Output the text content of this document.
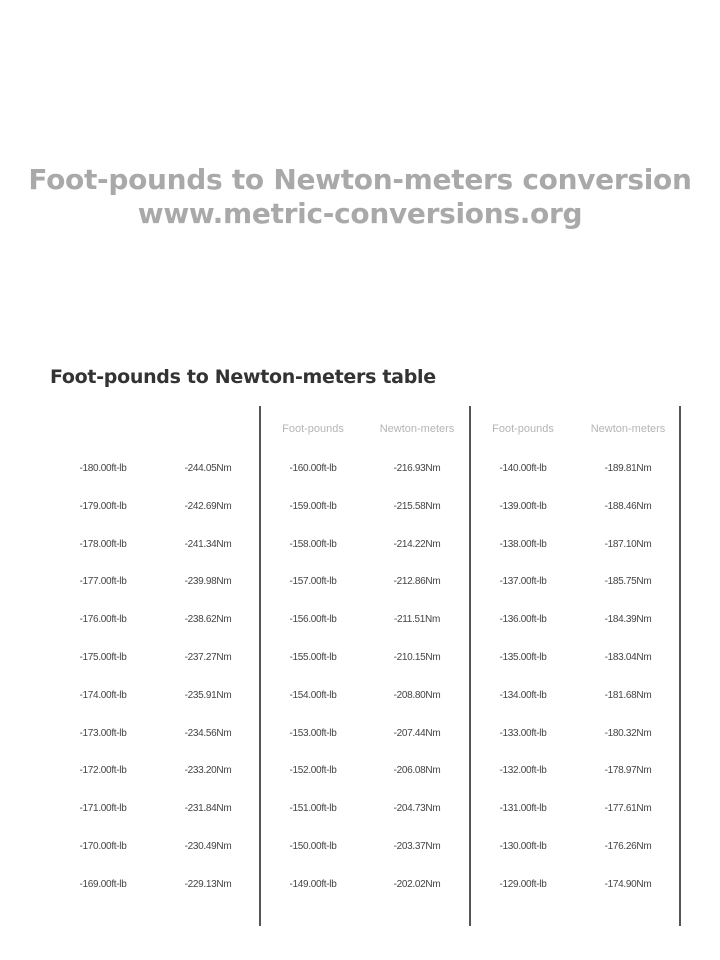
Foot-pounds to Newton-meters conversion
www.metric-conversions.org
Foot-pounds to Newton-meters table
-180.00ft-lb	-244.05Nm
-179.00ft-lb	-242.69Nm
-178.00ft-lb	-241.34Nm
-177.00ft-lb	-239.98Nm
-176.00ft-lb	-238.62Nm
-175.00ft-lb	-237.27Nm
-174.00ft-lb	-235.91Nm
-173.00ft-lb	-234.56Nm
-172.00ft-lb	-233.20Nm
-171.00ft-lb	-231.84Nm
-170.00ft-lb	-230.49Nm
-169.00ft-lb	-229.13Nm
Foot-pounds	Newton-meters
-160.00ft-lb	-216.93Nm
-159.00ft-lb	-215.58Nm
-158.00ft-lb	-214.22Nm
-157.00ft-lb	-212.86Nm
-156.00ft-lb	-211.51Nm
-155.00ft-lb	-210.15Nm
-154.00ft-lb	-208.80Nm
-153.00ft-lb	-207.44Nm
-152.00ft-lb	-206.08Nm
-151.00ft-lb	-204.73Nm
-150.00ft-lb	-203.37Nm
-149.00ft-lb	-202.02Nm
Foot-pounds	Newton-meters
-140.00ft-lb	-189.81Nm
-139.00ft-lb	-188.46Nm
-138.00ft-lb	-187.10Nm
-137.00ft-lb	-185.75Nm
-136.00ft-lb	-184.39Nm
-135.00ft-lb	-183.04Nm
-134.00ft-lb	-181.68Nm
-133.00ft-lb	-180.32Nm
-132.00ft-lb	-178.97Nm
-131.00ft-lb	-177.61Nm
-130.00ft-lb	-176.26Nm
-129.00ft-lb	-174.90Nm
